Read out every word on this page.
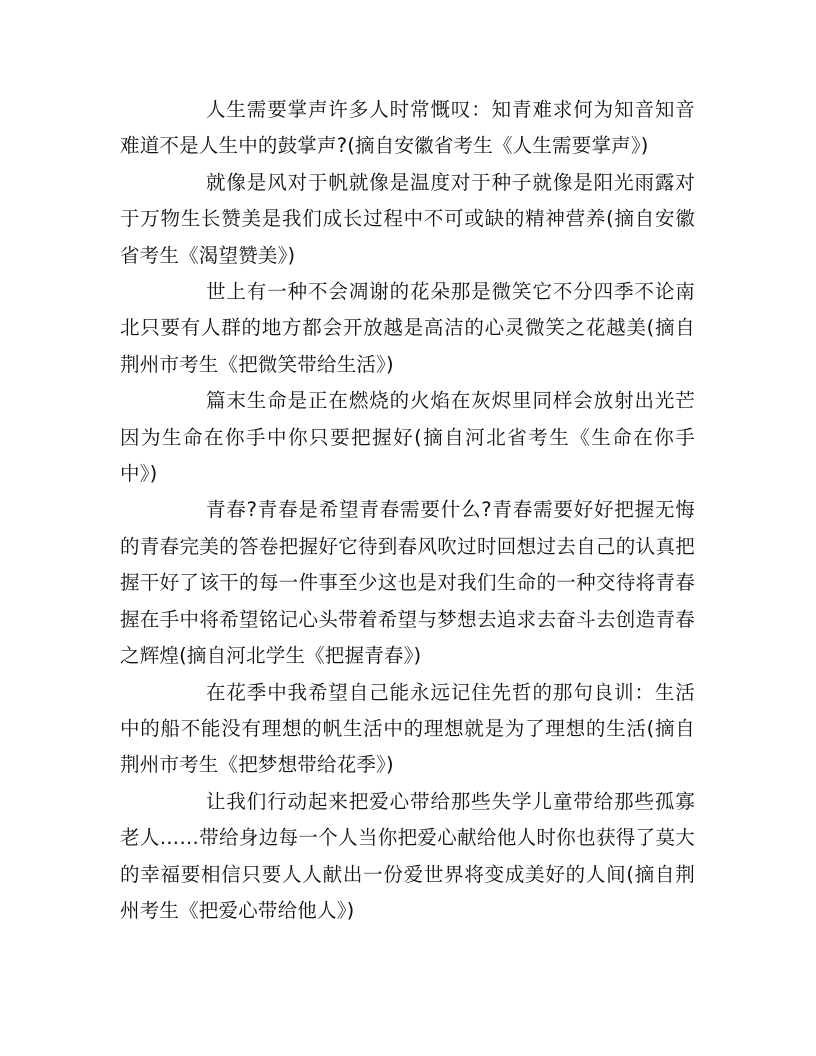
人生需要掌声许多人时常慨叹：知青难求何为知音知音难道不是人生中的鼓掌声?(摘自安徽省考生《人生需要掌声》)

就像是风对于帆就像是温度对于种子就像是阳光雨露对于万物生长赞美是我们成长过程中不可或缺的精神营养(摘自安徽省考生《渴望赞美》)

世上有一种不会凋谢的花朵那是微笑它不分四季不论南北只要有人群的地方都会开放越是高洁的心灵微笑之花越美(摘自荆州市考生《把微笑带给生活》)

篇末生命是正在燃烧的火焰在灰烬里同样会放射出光芒因为生命在你手中你只要把握好(摘自河北省考生《生命在你手中》)

青春?青春是希望青春需要什么?青春需要好好把握无悔的青春完美的答卷把握好它待到春风吹过时回想过去自己的认真把握干好了该干的每一件事至少这也是对我们生命的一种交待将青春握在手中将希望铭记心头带着希望与梦想去追求去奋斗去创造青春之辉煌(摘自河北学生《把握青春》)

在花季中我希望自己能永远记住先哲的那句良训：生活中的船不能没有理想的帆生活中的理想就是为了理想的生活(摘自荆州市考生《把梦想带给花季》)

让我们行动起来把爱心带给那些失学儿童带给那些孤寡老人……带给身边每一个人当你把爱心献给他人时你也获得了莫大的幸福要相信只要人人献出一份爱世界将变成美好的人间(摘自荆州考生《把爱心带给他人》)
